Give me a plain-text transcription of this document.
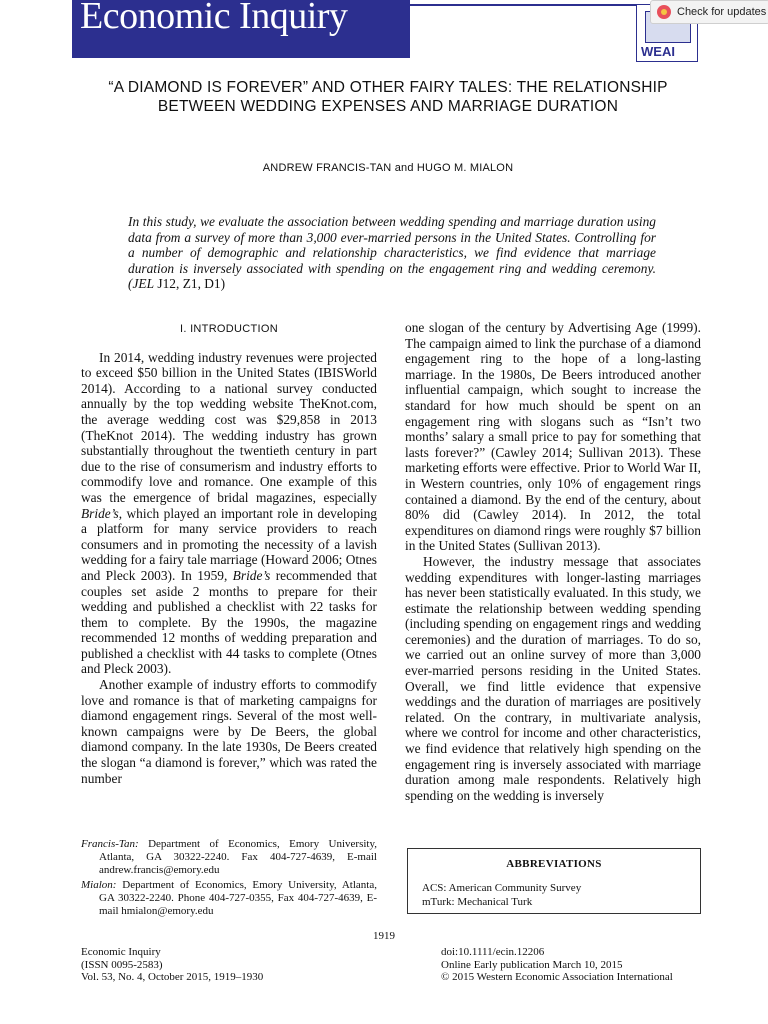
Economic Inquiry
WEAI
Check for updates
“A DIAMOND IS FOREVER” AND OTHER FAIRY TALES: THE RELATIONSHIP BETWEEN WEDDING EXPENSES AND MARRIAGE DURATION
ANDREW FRANCIS-TAN and HUGO M. MIALON
In this study, we evaluate the association between wedding spending and marriage duration using data from a survey of more than 3,000 ever-married persons in the United States. Controlling for a number of demographic and relationship characteristics, we find evidence that marriage duration is inversely associated with spending on the engagement ring and wedding ceremony. (JEL J12, Z1, D1)
I. INTRODUCTION

In 2014, wedding industry revenues were projected to exceed $50 billion in the United States (IBISWorld 2014). According to a national survey conducted annually by the top wedding website TheKnot.com, the average wedding cost was $29,858 in 2013 (TheKnot 2014). The wedding industry has grown substantially throughout the twentieth century in part due to the rise of consumerism and industry efforts to commodify love and romance. One example of this was the emergence of bridal magazines, especially Bride’s, which played an important role in developing a platform for many service providers to reach consumers and in promoting the necessity of a lavish wedding for a fairy tale marriage (Howard 2006; Otnes and Pleck 2003). In 1959, Bride’s recommended that couples set aside 2 months to prepare for their wedding and published a checklist with 22 tasks for them to complete. By the 1990s, the magazine recommended 12 months of wedding preparation and published a checklist with 44 tasks to complete (Otnes and Pleck 2003).

Another example of industry efforts to commodify love and romance is that of marketing campaigns for diamond engagement rings. Several of the most well-known campaigns were by De Beers, the global diamond company. In the late 1930s, De Beers created the slogan “a diamond is forever,” which was rated the number

one slogan of the century by Advertising Age (1999). The campaign aimed to link the purchase of a diamond engagement ring to the hope of a long-lasting marriage. In the 1980s, De Beers introduced another influential campaign, which sought to increase the standard for how much should be spent on an engagement ring with slogans such as “Isn’t two months’ salary a small price to pay for something that lasts forever?” (Cawley 2014; Sullivan 2013). These marketing efforts were effective. Prior to World War II, in Western countries, only 10% of engagement rings contained a diamond. By the end of the century, about 80% did (Cawley 2014). In 2012, the total expenditures on diamond rings were roughly $7 billion in the United States (Sullivan 2013).

However, the industry message that associates wedding expenditures with longer-lasting marriages has never been statistically evaluated. In this study, we estimate the relationship between wedding spending (including spending on engagement rings and wedding ceremonies) and the duration of marriages. To do so, we carried out an online survey of more than 3,000 ever-married persons residing in the United States. Overall, we find little evidence that expensive weddings and the duration of marriages are positively related. On the contrary, in multivariate analysis, where we control for income and other characteristics, we find evidence that relatively high spending on the engagement ring is inversely associated with marriage duration among male respondents. Relatively high spending on the wedding is inversely

Francis-Tan: Department of Economics, Emory University, Atlanta, GA 30322-2240. Fax 404-727-4639, E-mail andrew.francis@emory.edu

Mialon: Department of Economics, Emory University, Atlanta, GA 30322-2240. Phone 404-727-0355, Fax 404-727-4639, E-mail hmialon@emory.edu

ABBREVIATIONS
ACS: American Community Survey
mTurk: Mechanical Turk
1919
Economic Inquiry
(ISSN 0095-2583)
Vol. 53, No. 4, October 2015, 1919–1930
doi:10.1111/ecin.12206
Online Early publication March 10, 2015
© 2015 Western Economic Association International
